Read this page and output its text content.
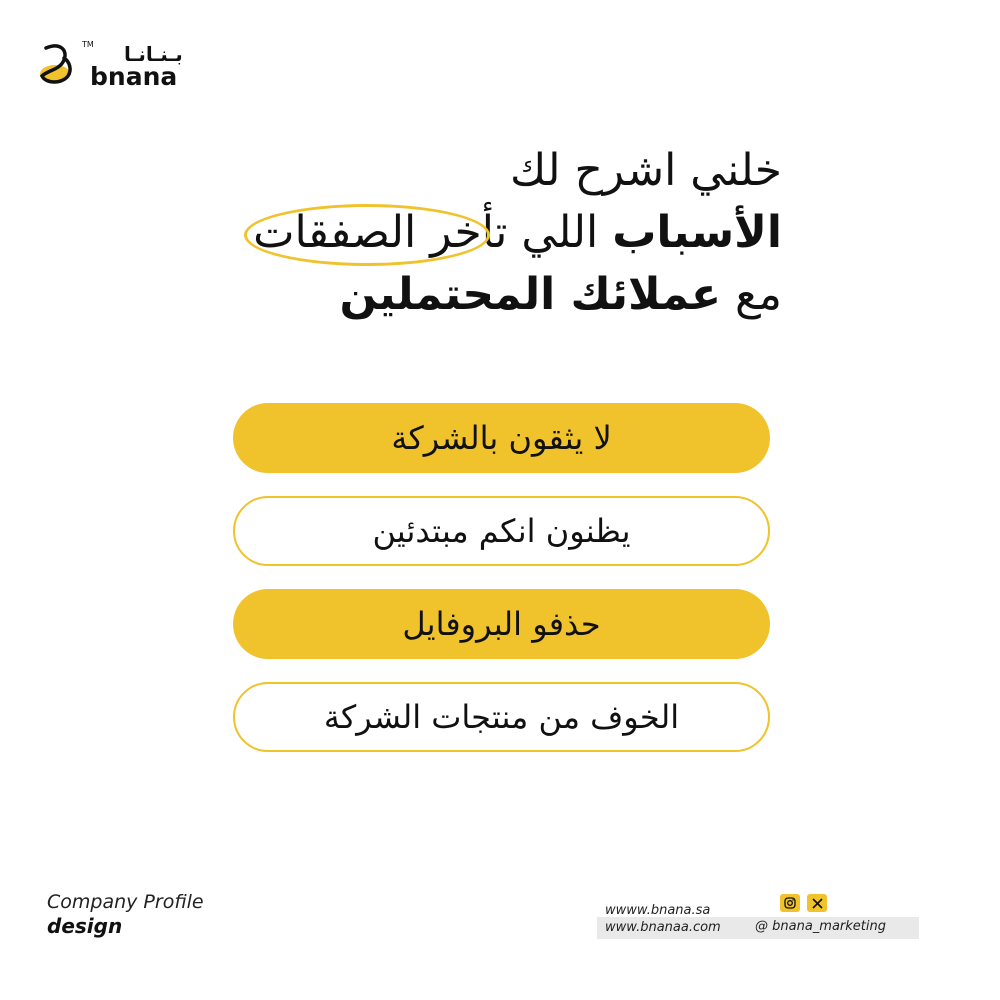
TM بـنـانـا
bnana
خلني اشرح لك
الأسباب اللي تأخر الصفقات
مع عملائك المحتملين
لا يثقون بالشركة
يظنون انكم مبتدئين
حذفو البروفايل
الخوف من منتجات الشركة
Company Profile
design
wwww.bnana.sa
www.bnanaa.com	@ bnana_marketing
